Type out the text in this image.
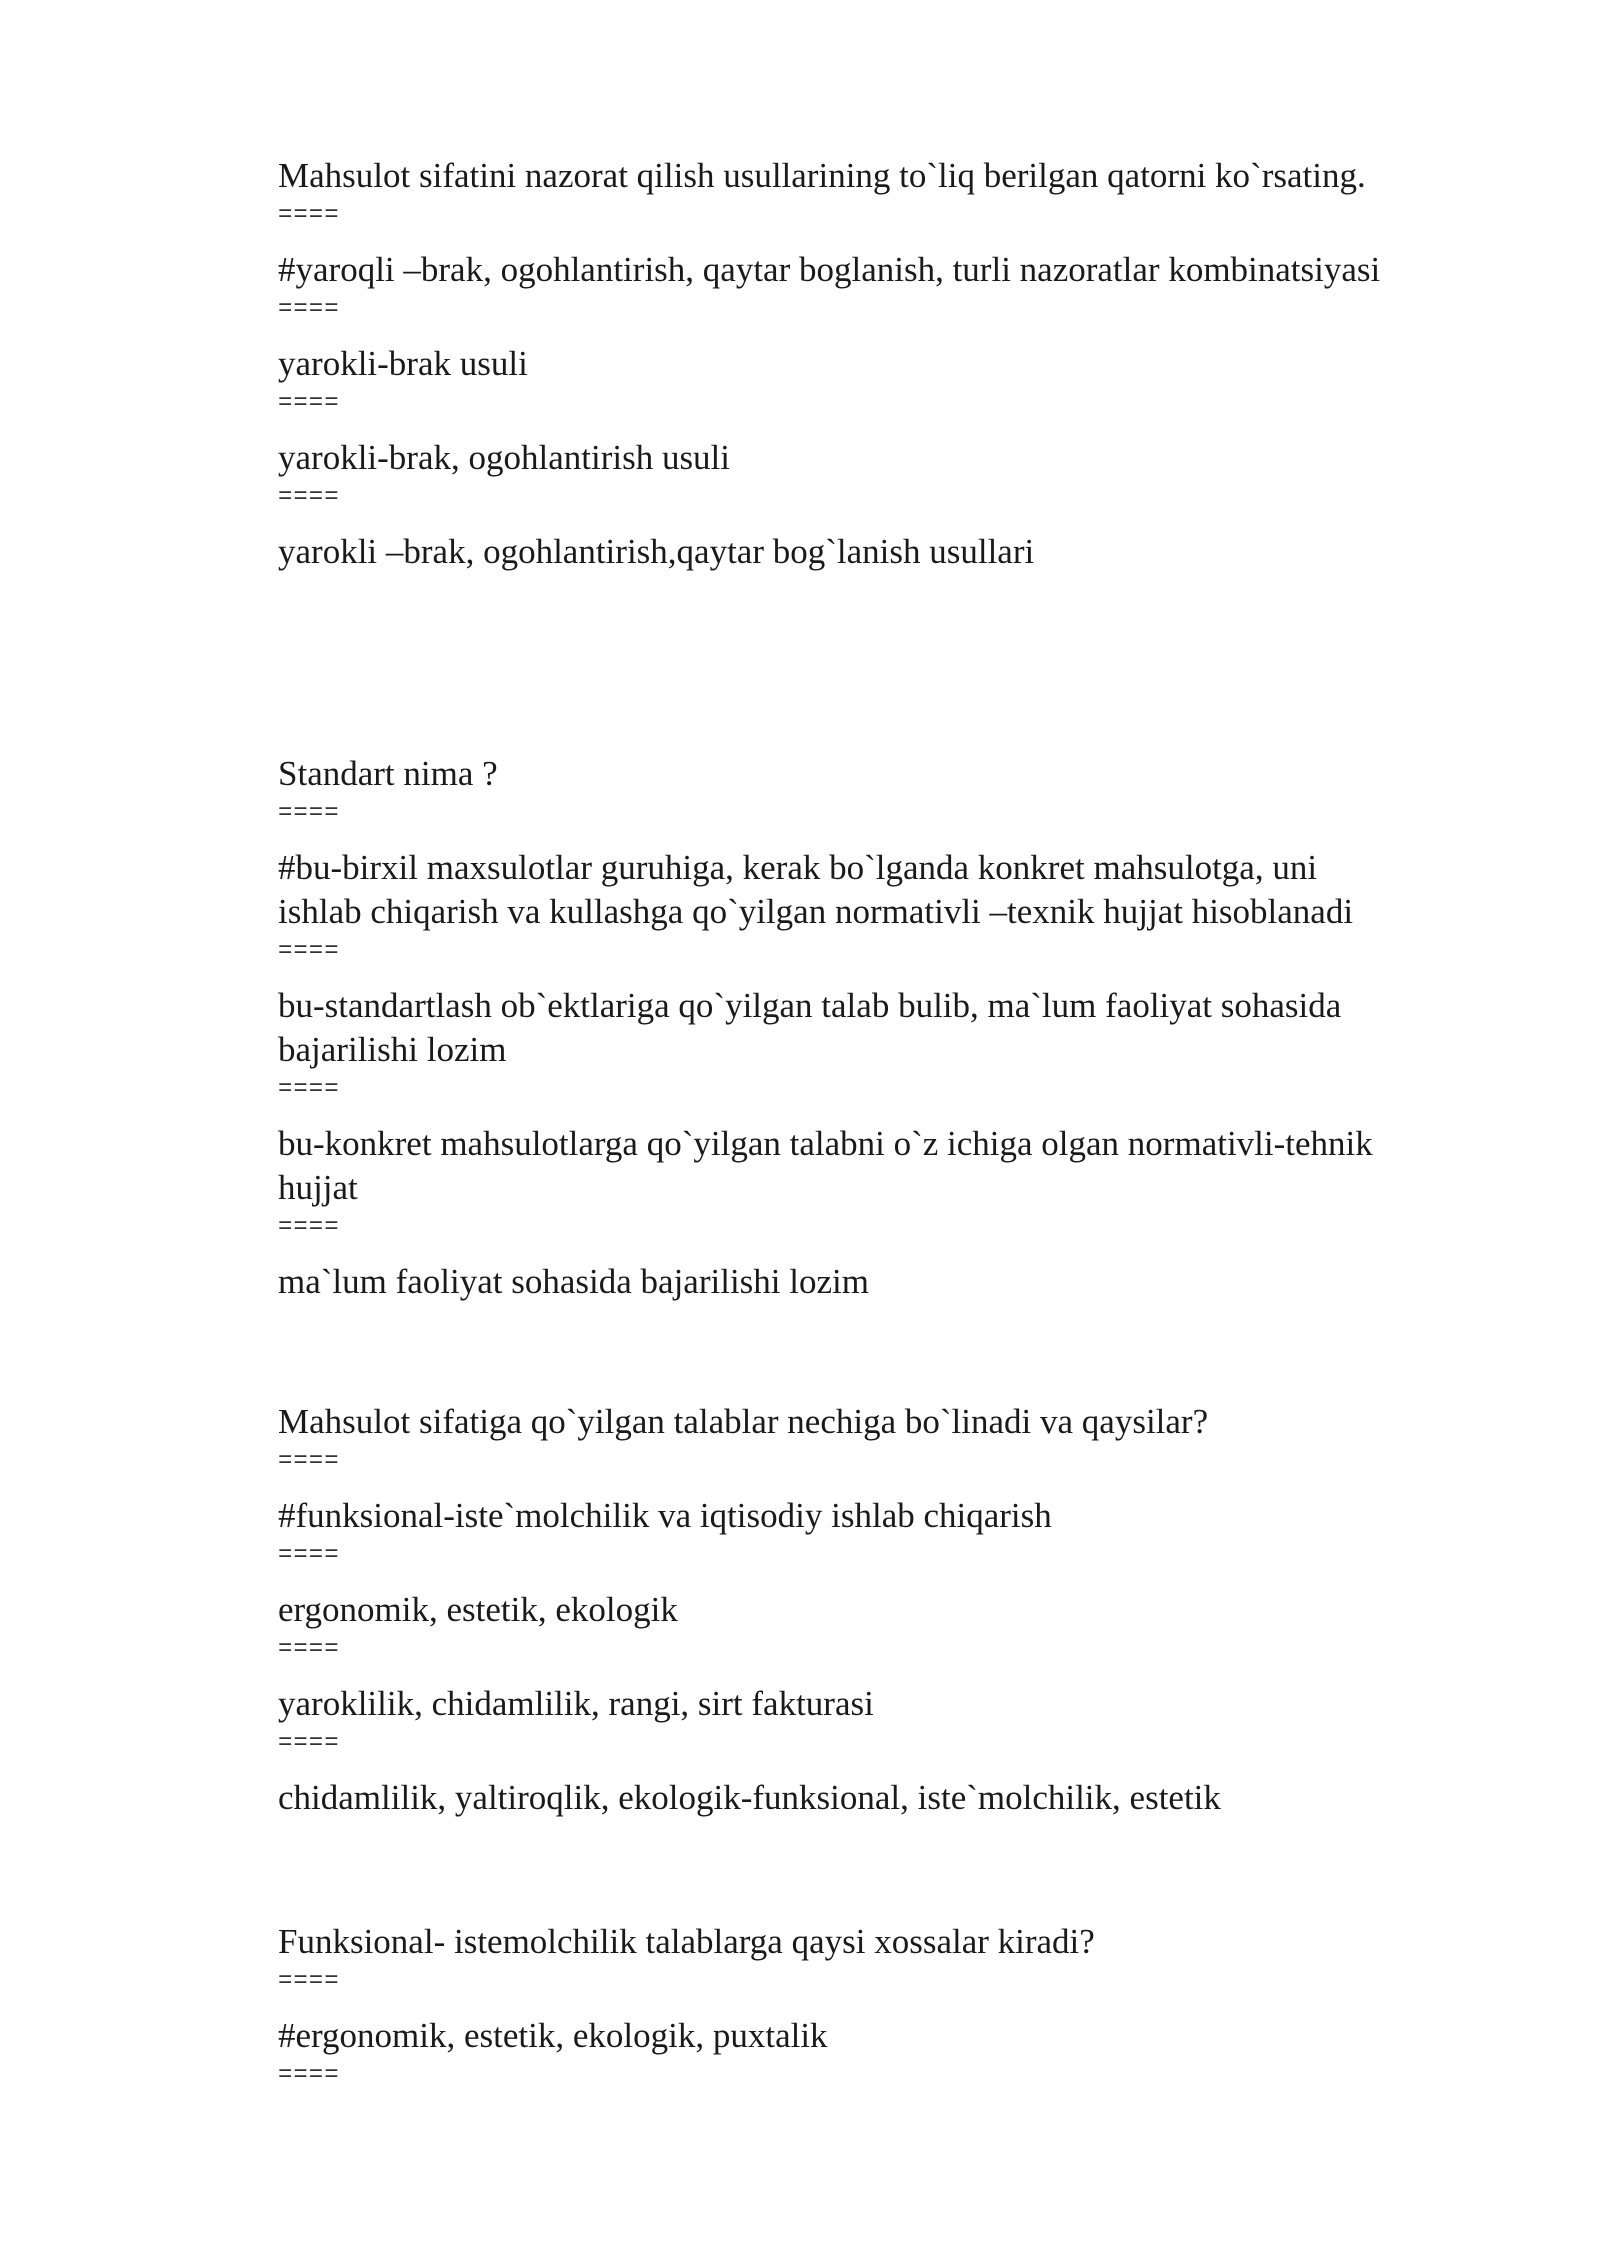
Mahsulot sifatini nazorat qilish usullarining to`liq berilgan qatorni ko`rsating.

====

#yaroqli –brak, ogohlantirish, qaytar boglanish, turli nazoratlar kombinatsiyasi

====

yarokli-brak usuli

====

yarokli-brak, ogohlantirish usuli

====

yarokli –brak, ogohlantirish,qaytar bog`lanish usullari

Standart nima ?

====

#bu-birxil maxsulotlar guruhiga, kerak bo`lganda konkret mahsulotga, uni

ishlab chiqarish va kullashga qo`yilgan normativli –texnik hujjat hisoblanadi

====

bu-standartlash ob`ektlariga qo`yilgan talab bulib, ma`lum faoliyat sohasida

bajarilishi lozim

====

bu-konkret mahsulotlarga qo`yilgan talabni o`z ichiga olgan normativli-tehnik

hujjat

====

ma`lum faoliyat sohasida bajarilishi lozim

Mahsulot sifatiga qo`yilgan talablar nechiga bo`linadi va qaysilar?

====

#funksional-iste`molchilik va iqtisodiy ishlab chiqarish

====

ergonomik, estetik, ekologik

====

yaroklilik, chidamlilik, rangi, sirt fakturasi

====

chidamlilik, yaltiroqlik, ekologik-funksional, iste`molchilik, estetik

Funksional- istemolchilik talablarga qaysi xossalar kiradi?

====

#ergonomik, estetik, ekologik, puxtalik

====
